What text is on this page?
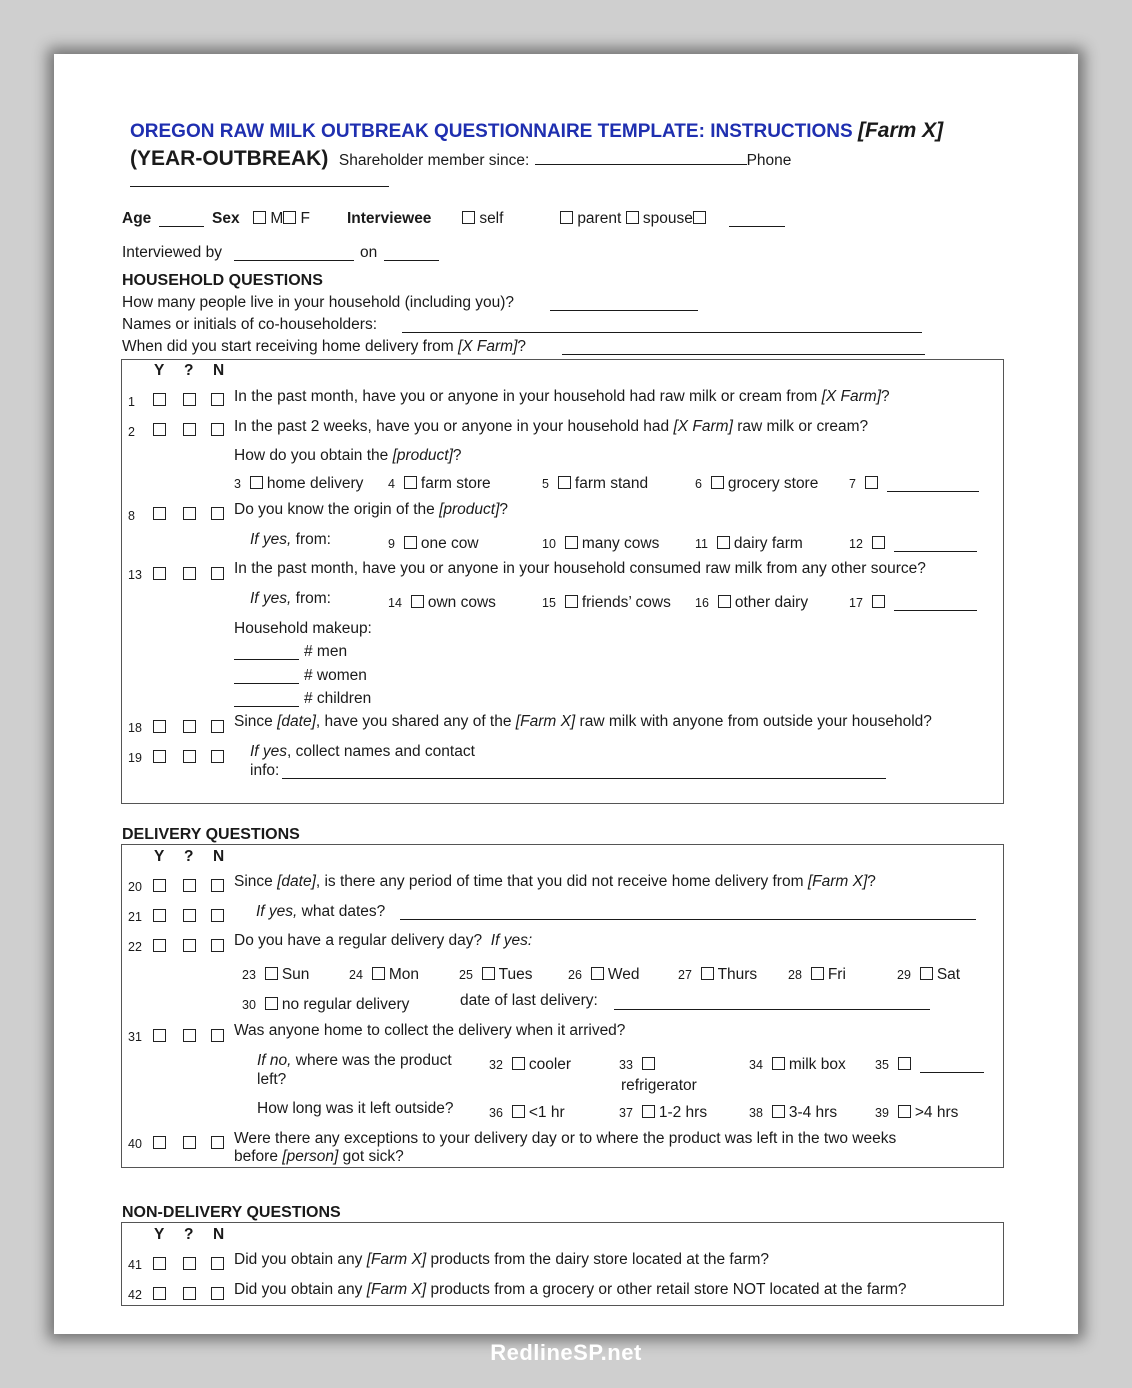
OREGON RAW MILK OUTBREAK QUESTIONNAIRE TEMPLATE: INSTRUCTIONS [Farm X] (YEAR-OUTBREAK) Shareholder member since:	Phone
Age	Sex	M F Interviewee	self	parent spouse
Interviewed by	on
HOUSEHOLD QUESTIONS
How many people live in your household (including you)?
Names or initials of co-householders:
When did you start receiving home delivery from [X Farm]?
Y ? N
1	In the past month, have you or anyone in your household had raw milk or cream from [X Farm]?
2	In the past 2 weeks, have you or anyone in your household had [X Farm] raw milk or cream?
How do you obtain the [product]?
3 home delivery 4 farm store	5 farm stand	6 grocery store 7
8	Do you know the origin of the [product]?
If yes, from:	9 one cow	10 many cows	11 dairy farm	12
13	In the past month, have you or anyone in your household consumed raw milk from any other source?
If yes, from:	14 own cows	15 friends’ cows 16 other dairy	17
Household makeup:
# men
# women
# children
18	Since [date], have you shared any of the [Farm X] raw milk with anyone from outside your household?
19	If yes, collect names and contact
info:
DELIVERY QUESTIONS
Y ? N
20	Since [date], is there any period of time that you did not receive home delivery from [Farm X]?
21	If yes, what dates?
22	Do you have a regular delivery day? If yes:
23 Sun	24 Mon	25 Tues	26 Wed	27 Thurs 28 Fri	29 Sat
30 no regular delivery	date of last delivery:
31	Was anyone home to collect the delivery when it arrived?
If no, where was the product
left?
32 cooler	33
refrigerator
34 milk box 35
How long was it left outside?	36 <1 hr	37 1-2 hrs	38 3-4 hrs	39 >4 hrs
40	Were there any exceptions to your delivery day or to where the product was left in the two weeks
before [person] got sick?
NON-DELIVERY QUESTIONS
Y ? N
41	Did you obtain any [Farm X] products from the dairy store located at the farm?
42	Did you obtain any [Farm X] products from a grocery or other retail store NOT located at the farm?
RedlineSP.net
